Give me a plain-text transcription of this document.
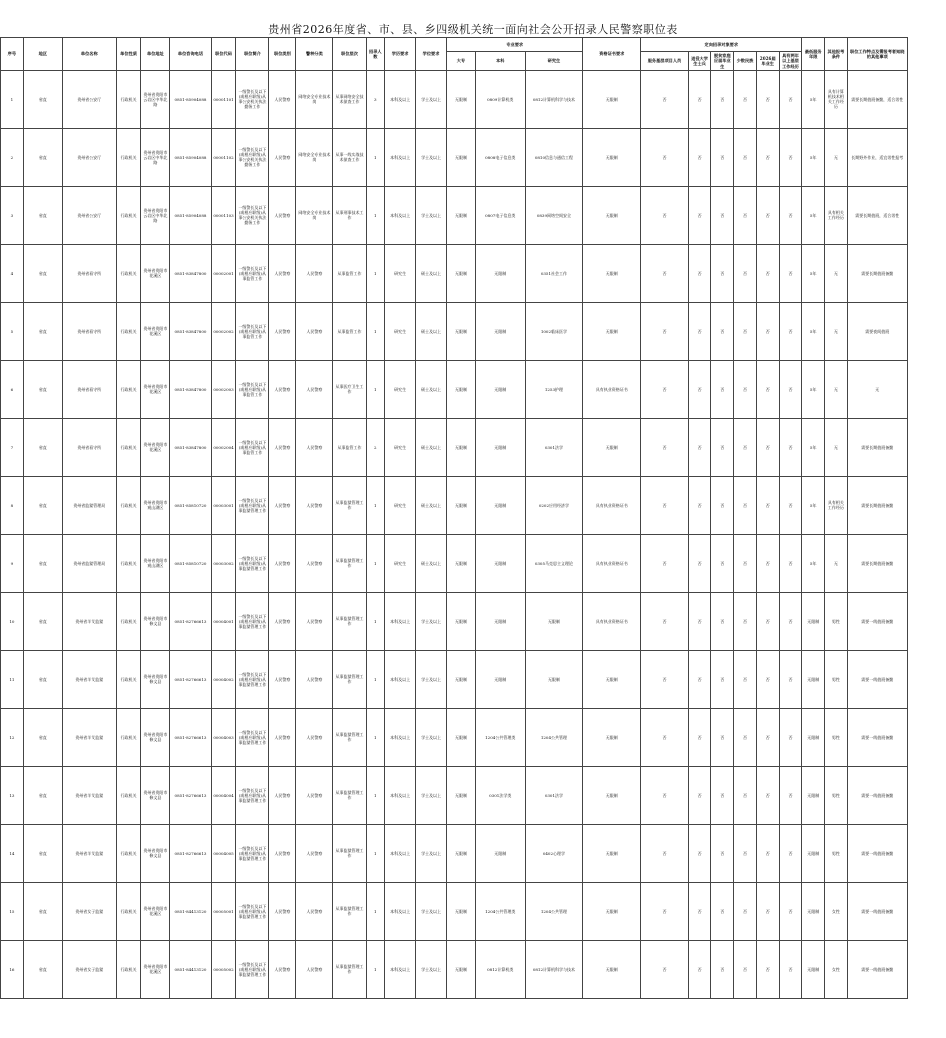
贵州省2026年度省、市、县、乡四级机关统一面向社会公开招录人民警察职位表
序号	地区	单位名称	单位性质	单位地址	单位咨询电话	职位代码	职位简介	职位类别	警种分类	职位层次	招录人数	学历要求	学位要求	专业要求			资格证书要求	定向招录对象要求						最低服务年限	其他报考条件	职位工作特点及需报考者知晓的其他事项
														大专	本科	研究生		服务基层项目人员	退役大学生士兵	脱贫家庭应届毕业生	少数民族	2026届毕业生	具有两年以上基层工作经历			

1	省直	贵州省公安厅	行政机关	贵州省贵阳市云岩区中华北路	0851-85904088	00001101	一级警长及以下(或相应职级)从事公安机关执法勤务工作	人民警察	网络安全专业技术岗	从事网络安全技术侦查工作	3	本科及以上	学士及以上	无限制	0809计算机类	0812计算机科学与技术	无限制	否	否	否	否	否	否	5年	具有计算机技术相关工作经历	需要长期值班备勤，适合男性
2	省直	贵州省公安厅	行政机关	贵州省贵阳市云岩区中华北路	0851-85904088	00001102	一级警长及以下(或相应职级)从事公安机关执法勤务工作	人民警察	网络安全专业技术岗	从事一线实战技术侦查工作	1	本科及以上	学士及以上	无限制	0808电子信息类	0810信息与通信工程	无限制	否	否	否	否	否	否	5年	无	长期野外作业，适宜男性报考
3	省直	贵州省公安厅	行政机关	贵州省贵阳市云岩区中华北路	0851-85904088	00001103	一级警长及以下(或相应职级)从事公安机关执法勤务工作	人民警察	网络安全专业技术岗	从事刑事技术工作	1	本科及以上	学士及以上	无限制	0807电子信息类	0839网络空间安全	无限制	否	否	否	否	否	否	5年	具有相关工作经历	需要长期值班，适合男性
4	省直	贵州省看守所	行政机关	贵州省贵阳市花溪区	0851-83847800	00002001	一级警长及以下(或相应职级)从事监管工作	人民警察	人民警察	从事监管工作	1	研究生	硕士及以上	无限制	无限制	0351社会工作	无限制	否	否	否	否	否	否	5年	无	需要长期值班备勤
5	省直	贵州省看守所	行政机关	贵州省贵阳市花溪区	0851-83847800	00002002	一级警长及以下(或相应职级)从事监管工作	人民警察	人民警察	从事监管工作	1	研究生	硕士及以上	无限制	无限制	1002临床医学	无限制	否	否	否	否	否	否	5年	无	需要夜间值班
6	省直	贵州省看守所	行政机关	贵州省贵阳市花溪区	0851-83847800	00002003	一级警长及以下(或相应职级)从事监管工作	人民警察	人民警察	从事医疗卫生工作	1	研究生	硕士及以上	无限制	无限制	1253护理	具有执业资格证书	否	否	否	否	否	否	5年	无	无
7	省直	贵州省看守所	行政机关	贵州省贵阳市花溪区	0851-83847800	00002004	一级警长及以下(或相应职级)从事监管工作	人民警察	人民警察	从事监管工作	2	研究生	硕士及以上	无限制	无限制	0301法学	无限制	否	否	否	否	否	否	5年	无	需要长期值班备勤
8	省直	贵州省监狱管理局	行政机关	贵州省贵阳市观山湖区	0851-85810720	00003001	一级警长及以下(或相应职级)从事监狱管理工作	人民警察	人民警察	从事监狱管理工作	1	研究生	硕士及以上	无限制	无限制	0202应用经济学	具有执业资格证书	否	否	否	否	否	否	5年	具有相关工作经历	需要长期值班备勤
9	省直	贵州省监狱管理局	行政机关	贵州省贵阳市观山湖区	0851-85810720	00003002	一级警长及以下(或相应职级)从事监狱管理工作	人民警察	人民警察	从事监狱管理工作	1	研究生	硕士及以上	无限制	无限制	0305马克思主义理论	具有执业资格证书	否	否	否	否	否	否	5年	无	需要长期值班备勤
10	省直	贵州省羊艾监狱	行政机关	贵州省贵阳市修文县	0851-82766613	00004001	一级警长及以下(或相应职级)从事监狱管理工作	人民警察	人民警察	从事监狱管理工作	1	本科及以上	学士及以上	无限制	无限制	无限制	具有执业资格证书	否	否	否	否	否	否	无限制	男性	需要一线值班备勤
11	省直	贵州省羊艾监狱	行政机关	贵州省贵阳市修文县	0851-82766613	00004002	一级警长及以下(或相应职级)从事监狱管理工作	人民警察	人民警察	从事监狱管理工作	1	本科及以上	学士及以上	无限制	无限制	无限制	无限制	否	否	否	否	否	否	无限制	男性	需要一线值班备勤
12	省直	贵州省羊艾监狱	行政机关	贵州省贵阳市修文县	0851-82766613	00004003	一级警长及以下(或相应职级)从事监狱管理工作	人民警察	人民警察	从事监狱管理工作	1	本科及以上	学士及以上	无限制	1204公共管理类	1204公共管理	无限制	否	否	否	否	否	否	无限制	男性	需要一线值班备勤
13	省直	贵州省羊艾监狱	行政机关	贵州省贵阳市修文县	0851-82766613	00004004	一级警长及以下(或相应职级)从事监狱管理工作	人民警察	人民警察	从事监狱管理工作	1	本科及以上	学士及以上	无限制	0301法学类	0301法学	无限制	否	否	否	否	否	否	无限制	男性	需要一线值班备勤
14	省直	贵州省羊艾监狱	行政机关	贵州省贵阳市修文县	0851-82766613	00004005	一级警长及以下(或相应职级)从事监狱管理工作	人民警察	人民警察	从事监狱管理工作	1	本科及以上	学士及以上	无限制	无限制	0402心理学	无限制	否	否	否	否	否	否	无限制	男性	需要一线值班备勤
15	省直	贵州省女子监狱	行政机关	贵州省贵阳市花溪区	0851-84413120	00005001	一级警长及以下(或相应职级)从事监狱管理工作	人民警察	人民警察	从事监狱管理工作	1	本科及以上	学士及以上	无限制	1204公共管理类	1204公共管理	无限制	否	否	否	否	否	否	无限制	女性	需要一线值班备勤
16	省直	贵州省女子监狱	行政机关	贵州省贵阳市花溪区	0851-84413120	00005002	一级警长及以下(或相应职级)从事监狱管理工作	人民警察	人民警察	从事监狱管理工作	1	本科及以上	学士及以上	无限制	0812计算机类	0812计算机科学与技术	无限制	否	否	否	否	否	否	无限制	女性	需要一线值班备勤
